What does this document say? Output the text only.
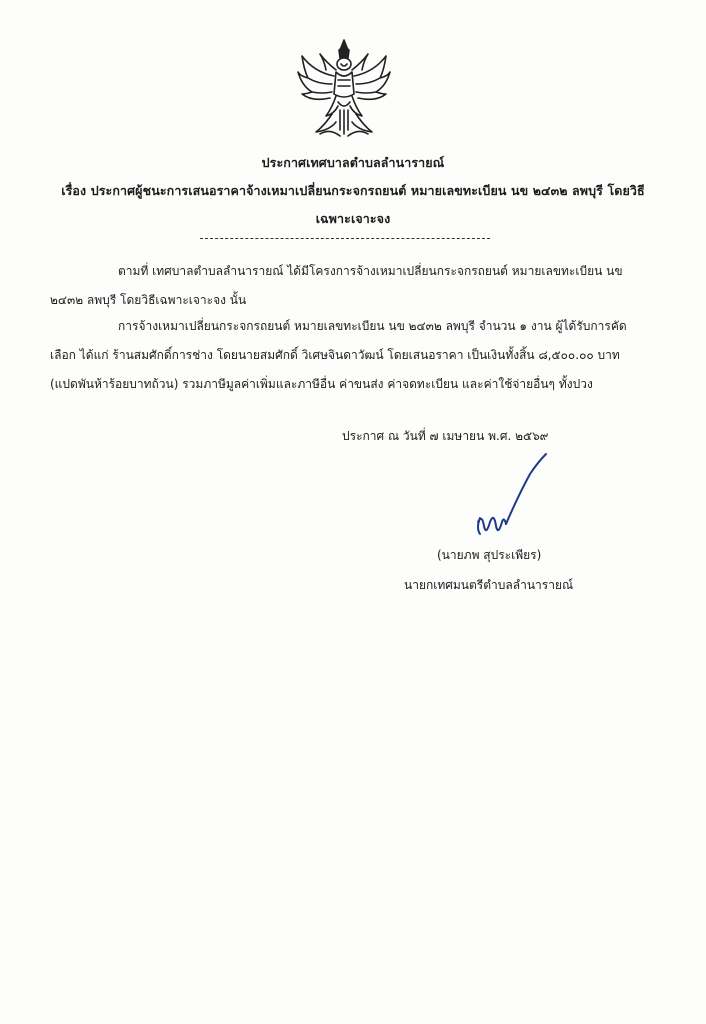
ประกาศเทศบาลตำบลลำนารายณ์
เรื่อง ประกาศผู้ชนะการเสนอราคาจ้างเหมาเปลี่ยนกระจกรถยนต์ หมายเลขทะเบียน นข ๒๔๓๒ ลพบุรี โดยวิธี
เฉพาะเจาะจง
ตามที่ เทศบาลตำบลลำนารายณ์ ได้มีโครงการจ้างเหมาเปลี่ยนกระจกรถยนต์ หมายเลขทะเบียน นข
๒๔๓๒ ลพบุรี โดยวิธีเฉพาะเจาะจง นั้น
การจ้างเหมาเปลี่ยนกระจกรถยนต์ หมายเลขทะเบียน นข ๒๔๓๒ ลพบุรี จำนวน ๑ งาน ผู้ได้รับการคัด
เลือก ได้แก่ ร้านสมศักดิ์การช่าง โดยนายสมศักดิ์ วิเศษจินดาวัฒน์ โดยเสนอราคา เป็นเงินทั้งสิ้น ๘,๕๐๐.๐๐ บาท
(แปดพันห้าร้อยบาทถ้วน) รวมภาษีมูลค่าเพิ่มและภาษีอื่น ค่าขนส่ง ค่าจดทะเบียน และค่าใช้จ่ายอื่นๆ ทั้งปวง
ประกาศ ณ วันที่ ๗ เมษายน พ.ศ. ๒๕๖๙
(นายภพ สุประเพียร)
นายกเทศมนตรีตำบลลำนารายณ์
